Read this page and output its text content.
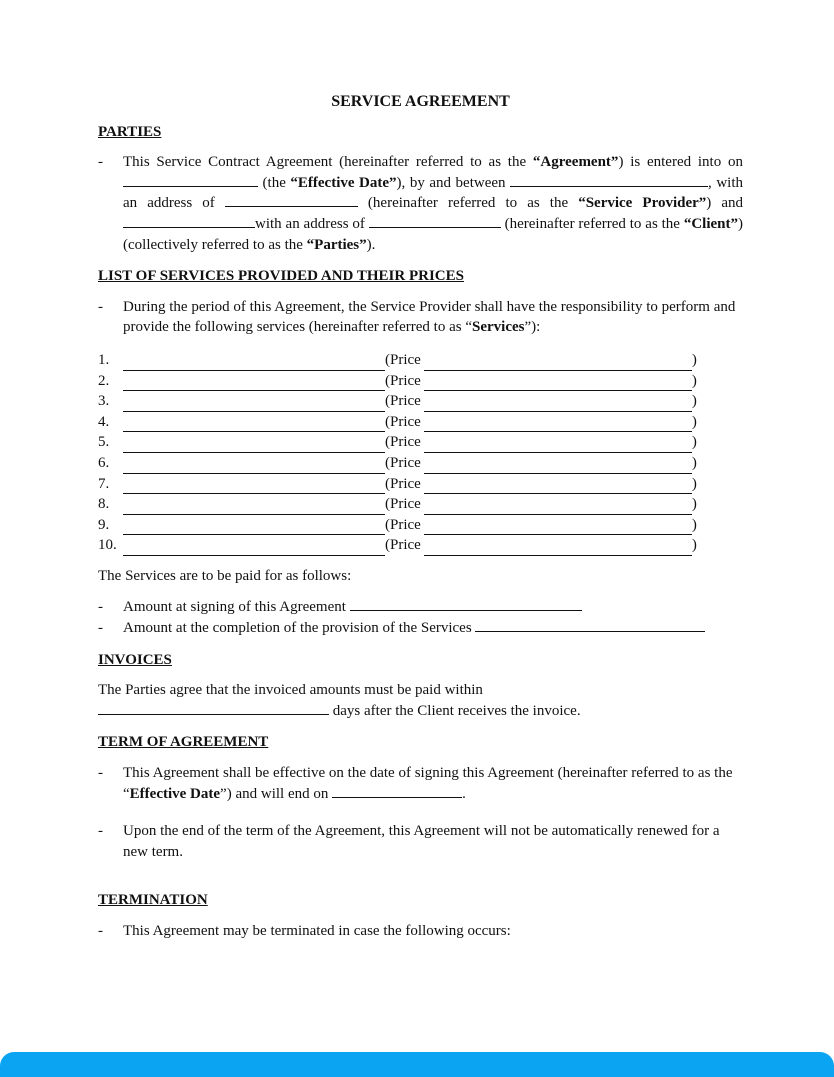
SERVICE AGREEMENT
PARTIES
- This Service Contract Agreement (hereinafter referred to as the “Agreement”) is entered into on  (the “Effective Date”), by and between	, with an address of	(hereinafter referred to as the “Service Provider”) and with an address of	(hereinafter referred to as the “Client”) (collectively referred to as the “Parties”).
LIST OF SERVICES PROVIDED AND THEIR PRICES
- During the period of this Agreement, the Service Provider shall have the responsibility to perform and provide the following services (hereinafter referred to as “Services”):
1.	(Price	)
2.	(Price	)
3.	(Price	)
4.	(Price	)
5.	(Price	)
6.	(Price	)
7.	(Price	)
8.	(Price	)
9.	(Price	)
10.	(Price	)
The Services are to be paid for as follows:
- Amount at signing of this Agreement
- Amount at the completion of the provision of the Services
INVOICES
The Parties agree that the invoiced amounts must be paid within
days after the Client receives the invoice.
TERM OF AGREEMENT
- This Agreement shall be effective on the date of signing this Agreement (hereinafter referred to as the “Effective Date”) and will end on	.
- Upon the end of the term of the Agreement, this Agreement will not be automatically renewed for a new term.
TERMINATION
- This Agreement may be terminated in case the following occurs:
